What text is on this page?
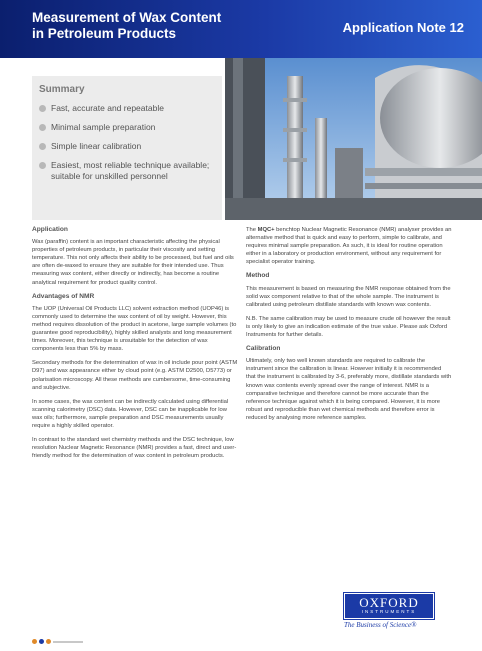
Measurement of Wax Content
in Petroleum Products	Application Note 12
Summary
Fast, accurate and repeatable
Minimal sample preparation
Simple linear calibration
Easiest, most reliable technique available; suitable for unskilled personnel
Application

Wax (paraffin) content is an important characteristic affecting the physical properties of petroleum products, in particular their viscosity and setting temperature. This not only affects their ability to be processed, but fuel and oils are often de-waxed to ensure they are suitable for their intended use. Thus measuring wax content, either directly or indirectly, has become a routine analytical requirement for product quality control.

Advantages of NMR

The UOP (Universal Oil Products LLC) solvent extraction method (UOP46) is commonly used to determine the wax content of oil by weight. However, this method requires dissolution of the product in acetone, large sample volumes (to guarantee good reproducibility), highly skilled analysts and long measurement times. Moreover, this technique is unsuitable for the detection of wax components less than 5% by mass.

Secondary methods for the determination of wax in oil include pour point (ASTM D97) and wax appearance either by cloud point (e.g. ASTM D2500, D5773) or polarisation microscopy. All these methods are cumbersome, time-consuming and subjective.

In some cases, the wax content can be indirectly calculated using differential scanning calorimetry (DSC) data. However, DSC can be inapplicable for low wax oils; furthermore, sample preparation and DSC measurements usually require a highly skilled operator.

In contrast to the standard wet chemistry methods and the DSC technique, low resolution Nuclear Magnetic Resonance (NMR) provides a fast, direct and user-friendly method for the determination of wax content in petroleum products.

The MQC+ benchtop Nuclear Magnetic Resonance (NMR) analyser provides an alternative method that is quick and easy to perform, simple to calibrate, and requires minimal sample preparation. As such, it is ideal for routine operation either in a laboratory or production environment, without any requirement for specialist operator training.

Method

This measurement is based on measuring the NMR response obtained from the solid wax component relative to that of the whole sample. The instrument is calibrated using petroleum distillate standards with known wax contents.

N.B. The same calibration may be used to measure crude oil however the result is only likely to give an indication estimate of the true value. Please ask Oxford Instruments for further details.

Calibration

Ultimately, only two well known standards are required to calibrate the instrument since the calibration is linear. However initially it is recommended that the instrument is calibrated by 3-6, preferably more, distillate standards with known wax contents evenly spread over the range of interest. NMR is a comparative technique and therefore cannot be more accurate than the reference technique against which it is being compared. However, it is more robust and reproducible than wet chemical methods and therefore error is reduced by analysing more reference samples.

OXFORD
INSTRUMENTS
The Business of Science®
